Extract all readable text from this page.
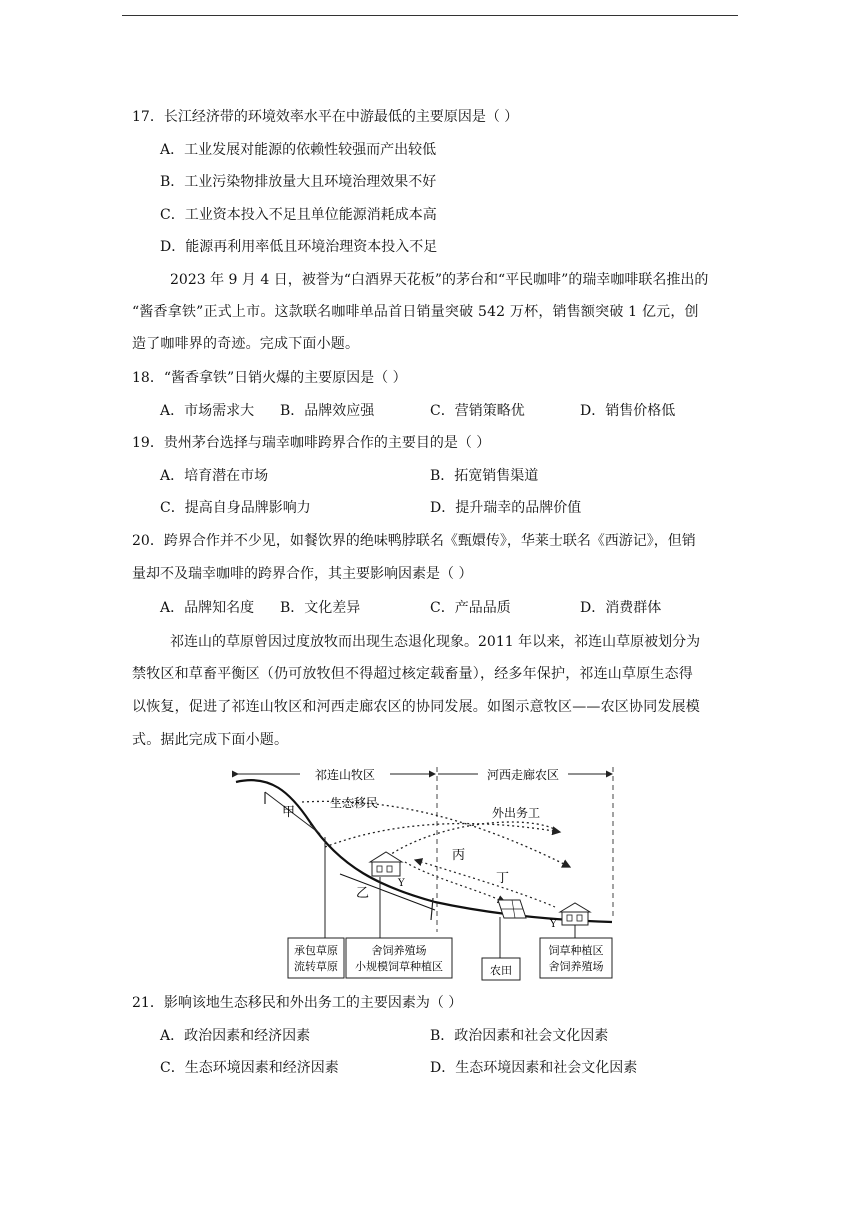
17．长江经济带的环境效率水平在中游最低的主要原因是（ ）
A．工业发展对能源的依赖性较强而产出较低
B．工业污染物排放量大且环境治理效果不好
C．工业资本投入不足且单位能源消耗成本高
D．能源再利用率低且环境治理资本投入不足
2023 年 9 月 4 日，被誉为“白酒界天花板”的茅台和“平民咖啡”的瑞幸咖啡联名推出的
“酱香拿铁”正式上市。这款联名咖啡单品首日销量突破 542 万杯，销售额突破 1 亿元，创
造了咖啡界的奇迹。完成下面小题。
18．“酱香拿铁”日销火爆的主要原因是（ ）
A．市场需求大 B．品牌效应强	C．营销策略优	D．销售价格低
19．贵州茅台选择与瑞幸咖啡跨界合作的主要目的是（ ）
A．培育潜在市场	B．拓宽销售渠道
C．提高自身品牌影响力	D．提升瑞幸的品牌价值
20．跨界合作并不少见，如餐饮界的绝味鸭脖联名《甄嬛传》，华莱士联名《西游记》，但销
量却不及瑞幸咖啡的跨界合作，其主要影响因素是（ ）
A．品牌知名度 B．文化差异	C．产品品质	D．消费群体
祁连山的草原曾因过度放牧而出现生态退化现象。2011 年以来，祁连山草原被划分为
禁牧区和草畜平衡区（仍可放牧但不得超过核定载畜量），经多年保护，祁连山草原生态得
以恢复，促进了祁连山牧区和河西走廊农区的协同发展。如图示意牧区——农区协同发展模
式。据此完成下面小题。
祁连山牧区	河西走廊农区
甲
乙
生态移民
外出务工
丙
丁
Y
Y
承包草原
流转草原
舍饲养殖场
小规模饲草种植区	农田
饲草种植区
舍饲养殖场
21．影响该地生态移民和外出务工的主要因素为（ ）
A．政治因素和经济因素	B．政治因素和社会文化因素
C．生态环境因素和经济因素	D．生态环境因素和社会文化因素
